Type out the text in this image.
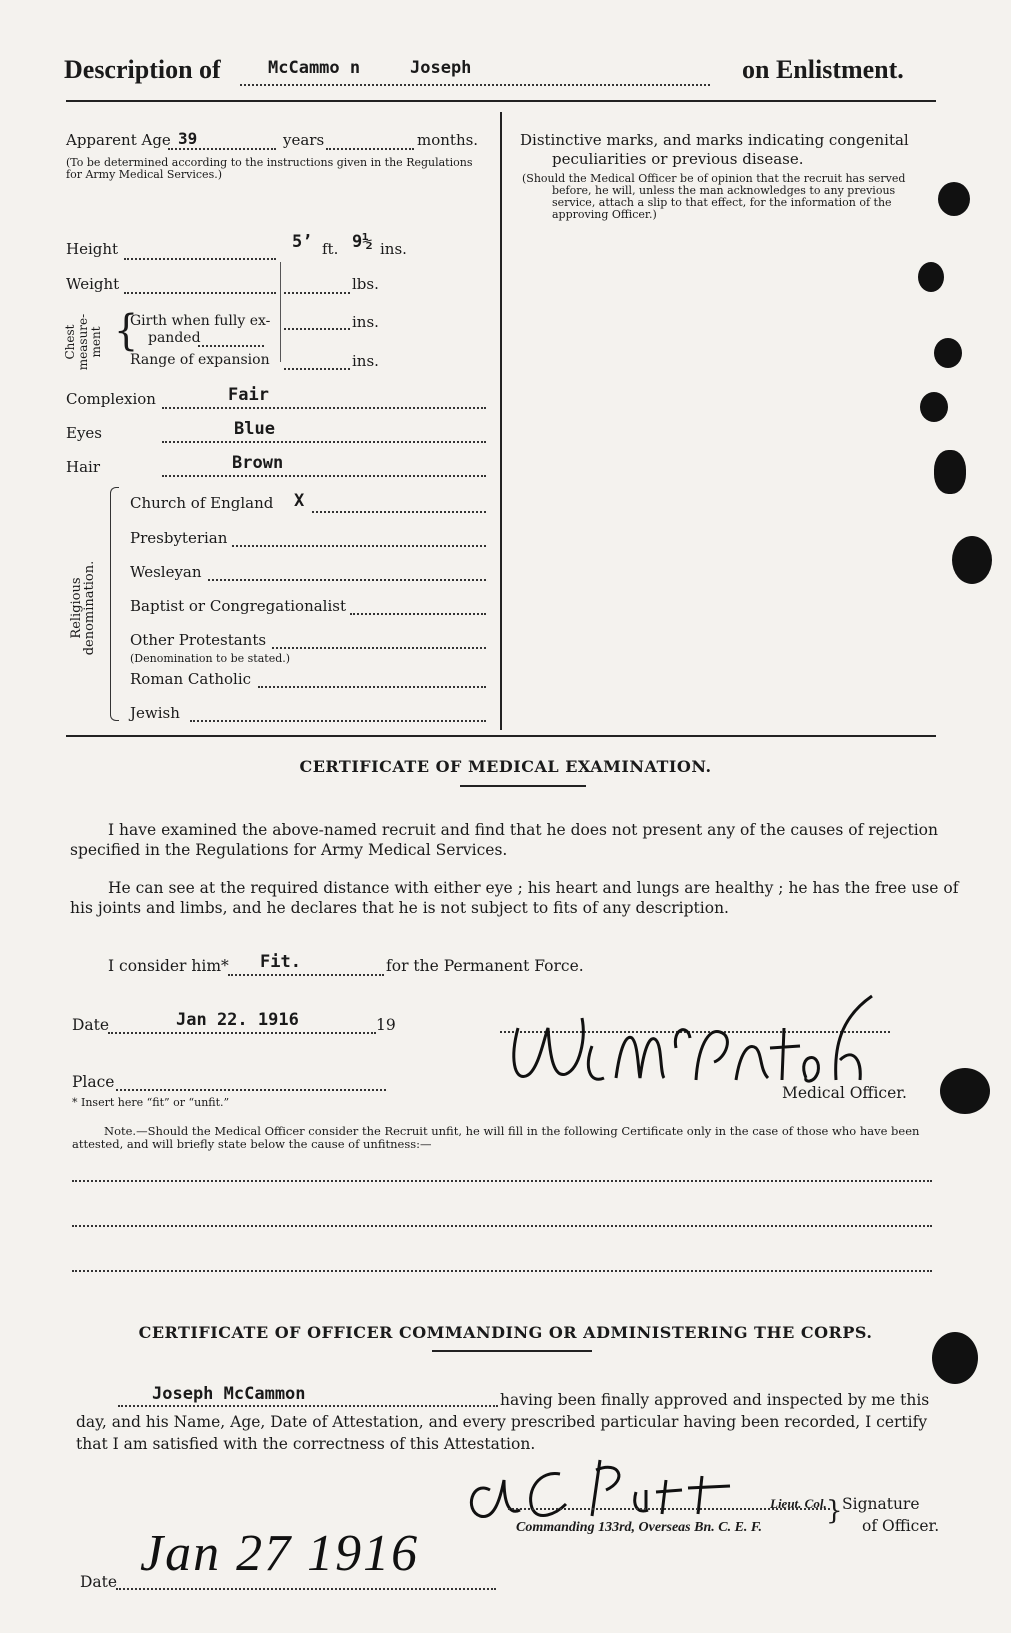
Description of	McCammo n	Joseph	on Enlistment.
Apparent Age 39	years	months.
(To be determined according to the instructions given in the Regulations for Army Medical Services.)
Height	5’ ft. 9½ ins.
Weight	lbs.
Chest measure- ment {
Girth when fully ex-
panded
ins.
Range of expansion	ins.
Complexion	Fair
Eyes	Blue
Hair	Brown
Religious denomination.
Church of England X
Presbyterian
Wesleyan
Baptist or Congregationalist
Other Protestants
(Denomination to be stated.)
Roman Catholic
Jewish
Distinctive marks, and marks indicating congenital
peculiarities or previous disease.
(Should the Medical Officer be of opinion that the recruit has served
before, he will, unless the man acknowledges to any previous
service, attach a slip to that effect, for the information of the
approving Officer.)
CERTIFICATE OF MEDICAL EXAMINATION.
I have examined the above-named recruit and find that he does not present any of the causes of rejection
specified in the Regulations for Army Medical Services.
He can see at the required distance with either eye ; his heart and lungs are healthy ; he has the free use of
his joints and limbs, and he declares that he is not subject to fits of any description.
I consider him* Fit.	for the Permanent Force.
Date	Jan 22. 1916	19
Place
* Insert here “fit” or “unfit.”
Medical Officer.
Note.—Should the Medical Officer consider the Recruit unfit, he will fill in the following Certificate only in the case of those who have been
attested, and will briefly state below the cause of unfitness:—
CERTIFICATE OF OFFICER COMMANDING OR ADMINISTERING THE CORPS.
Joseph McCammon	having been finally approved and inspected by me this
day, and his Name, Age, Date of Attestation, and every prescribed particular having been recorded, I certify
that I am satisfied with the correctness of this Attestation.
Lieut. Col.
Commanding 133rd, Overseas Bn. C. E. F.
} Signature
of Officer.
Date Jan 27 1916
